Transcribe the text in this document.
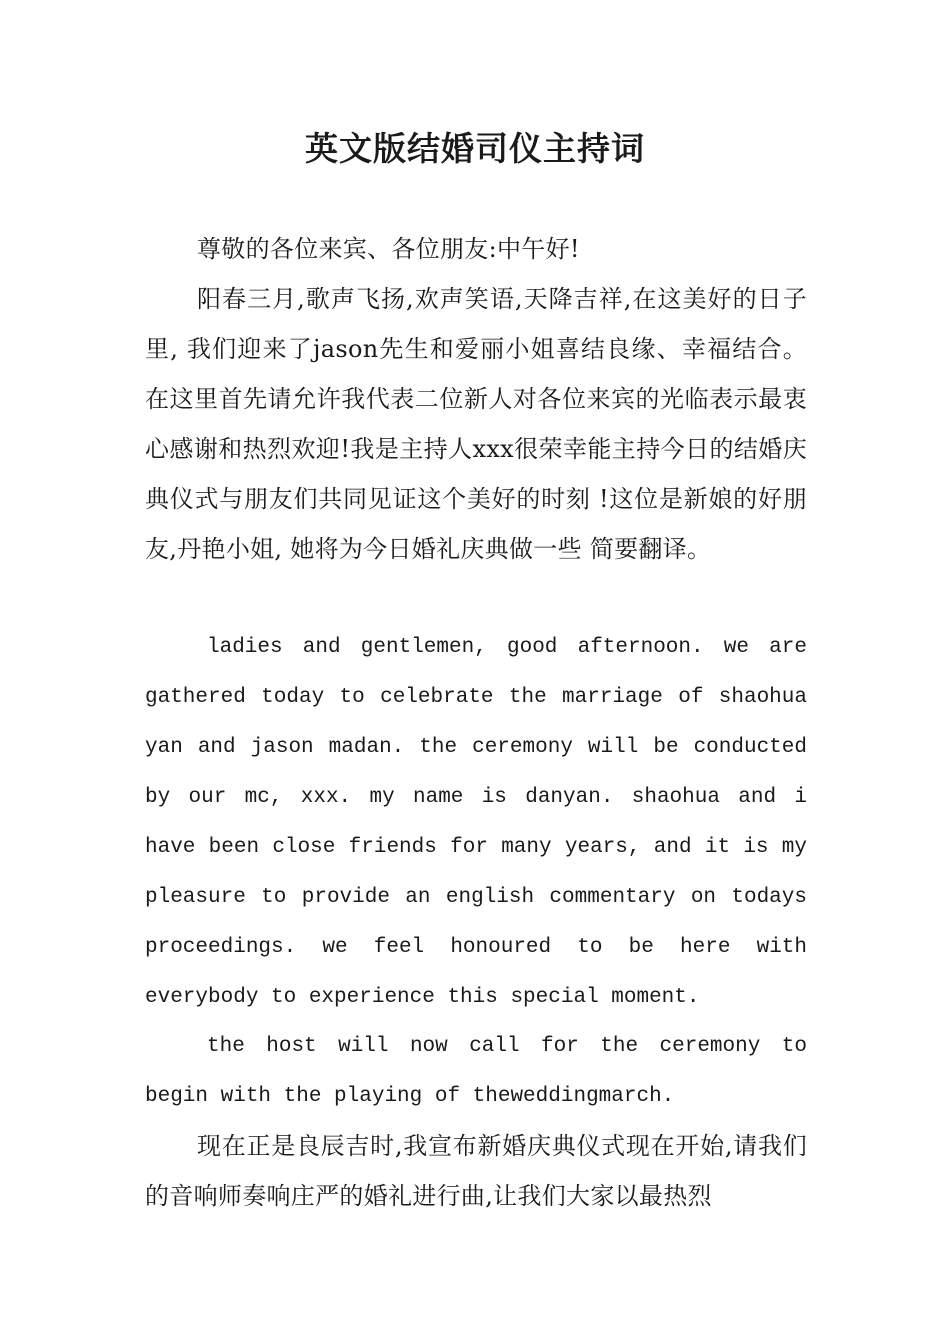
英文版结婚司仪主持词

尊敬的各位来宾、各位朋友:中午好!

阳春三月,歌声飞扬,欢声笑语,天降吉祥,在这美好的日子里, 我们迎来了jason先生和爱丽小姐喜结良缘、幸福结合。在这里首先请允许我代表二位新人对各位来宾的光临表示最衷心感谢和热烈欢迎!我是主持人xxx很荣幸能主持今日的结婚庆典仪式与朋友们共同见证这个美好的时刻 !这位是新娘的好朋友,丹艳小姐, 她将为今日婚礼庆典做一些 简要翻译。

ladies and gentlemen, good afternoon. we are gathered today to celebrate the marriage of shaohua yan and jason madan. the ceremony will be conducted by our mc, xxx. my name is danyan. shaohua and i have been close friends for many years, and it is my pleasure to provide an english commentary on todays proceedings. we feel honoured to be here with everybody to experience this special moment.

the host will now call for the ceremony to begin with the playing of theweddingmarch.

现在正是良辰吉时,我宣布新婚庆典仪式现在开始,请我们的音响师奏响庄严的婚礼进行曲,让我们大家以最热烈
